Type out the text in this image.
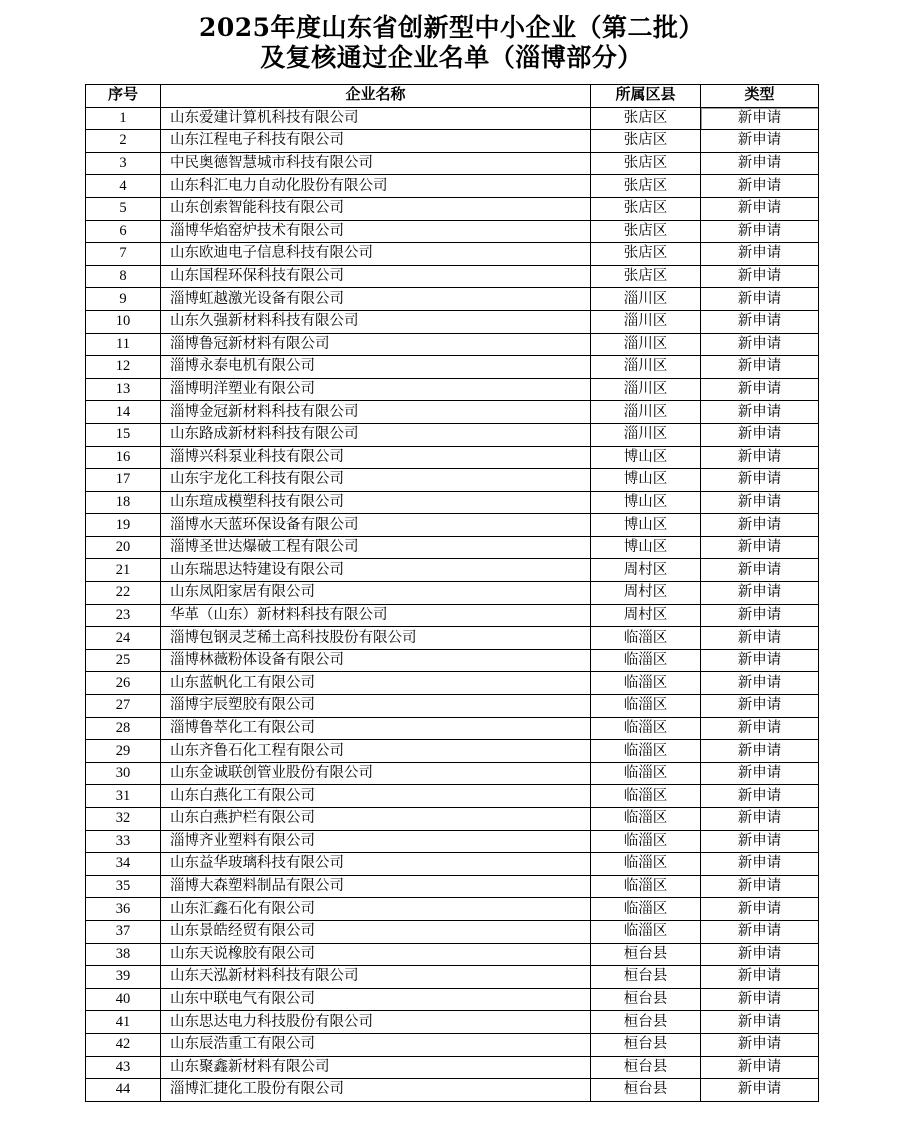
2025年度山东省创新型中小企业（第二批）
及复核通过企业名单（淄博部分）
序号	企业名称	所属区县	类型
1	山东爱建计算机科技有限公司	张店区	新申请
2	山东江程电子科技有限公司	张店区	新申请
3	中民奥德智慧城市科技有限公司	张店区	新申请
4	山东科汇电力自动化股份有限公司	张店区	新申请
5	山东创索智能科技有限公司	张店区	新申请
6	淄博华焰窑炉技术有限公司	张店区	新申请
7	山东欧迪电子信息科技有限公司	张店区	新申请
8	山东国程环保科技有限公司	张店区	新申请
9	淄博虹越激光设备有限公司	淄川区	新申请
10	山东久强新材料科技有限公司	淄川区	新申请
11	淄博鲁冠新材料有限公司	淄川区	新申请
12	淄博永泰电机有限公司	淄川区	新申请
13	淄博明洋塑业有限公司	淄川区	新申请
14	淄博金冠新材料科技有限公司	淄川区	新申请
15	山东路成新材料科技有限公司	淄川区	新申请
16	淄博兴科泵业科技有限公司	博山区	新申请
17	山东宇龙化工科技有限公司	博山区	新申请
18	山东瑄成模塑科技有限公司	博山区	新申请
19	淄博水天蓝环保设备有限公司	博山区	新申请
20	淄博圣世达爆破工程有限公司	博山区	新申请
21	山东瑞思达特建设有限公司	周村区	新申请
22	山东凤阳家居有限公司	周村区	新申请
23	华革（山东）新材料科技有限公司	周村区	新申请
24	淄博包钢灵芝稀土高科技股份有限公司	临淄区	新申请
25	淄博林薇粉体设备有限公司	临淄区	新申请
26	山东蓝帆化工有限公司	临淄区	新申请
27	淄博宇辰塑胶有限公司	临淄区	新申请
28	淄博鲁萃化工有限公司	临淄区	新申请
29	山东齐鲁石化工程有限公司	临淄区	新申请
30	山东金诚联创管业股份有限公司	临淄区	新申请
31	山东白燕化工有限公司	临淄区	新申请
32	山东白燕护栏有限公司	临淄区	新申请
33	淄博齐业塑料有限公司	临淄区	新申请
34	山东益华玻璃科技有限公司	临淄区	新申请
35	淄博大森塑料制品有限公司	临淄区	新申请
36	山东汇鑫石化有限公司	临淄区	新申请
37	山东景皓经贸有限公司	临淄区	新申请
38	山东天说橡胶有限公司	桓台县	新申请
39	山东天泓新材料科技有限公司	桓台县	新申请
40	山东中联电气有限公司	桓台县	新申请
41	山东思达电力科技股份有限公司	桓台县	新申请
42	山东辰浩重工有限公司	桓台县	新申请
43	山东聚鑫新材料有限公司	桓台县	新申请
44	淄博汇捷化工股份有限公司	桓台县	新申请
